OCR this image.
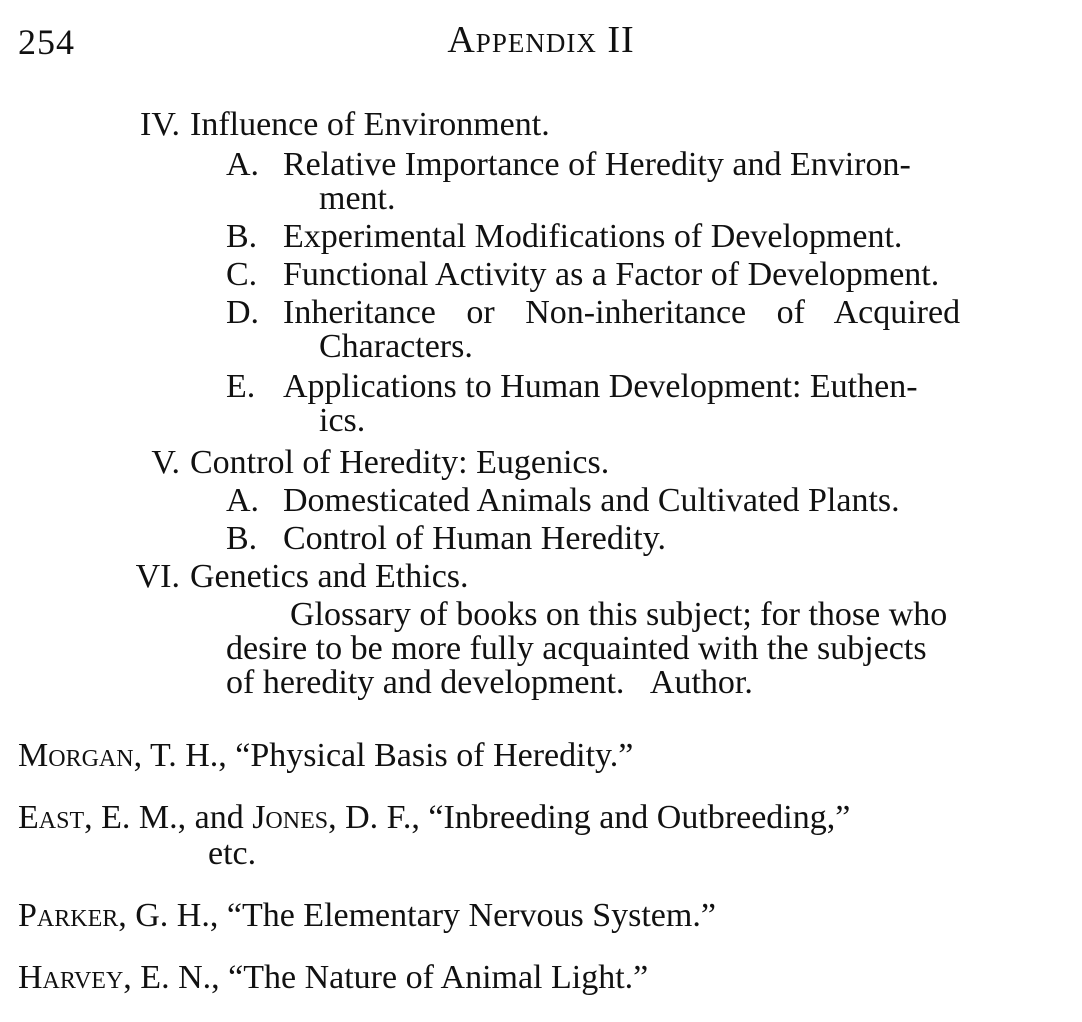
254	Appendix II
IV. Influence of Environment.
A. Relative Importance of Heredity and Environ-
ment.
B. Experimental Modifications of Development.
C. Functional Activity as a Factor of Development.
D. Inheritance or Non-inheritance of Acquired
Characters.
E. Applications to Human Development: Euthen-
ics.
V. Control of Heredity: Eugenics.
A. Domesticated Animals and Cultivated Plants.
B. Control of Human Heredity.
VI. Genetics and Ethics.
Glossary of books on this subject; for those who
desire to be more fully acquainted with the subjects
of heredity and development. Author.
Morgan, T. H., “Physical Basis of Heredity.”
East, E. M., and Jones, D. F., “Inbreeding and Outbreeding,”
etc.
Parker, G. H., “The Elementary Nervous System.”
Harvey, E. N., “The Nature of Animal Light.”
